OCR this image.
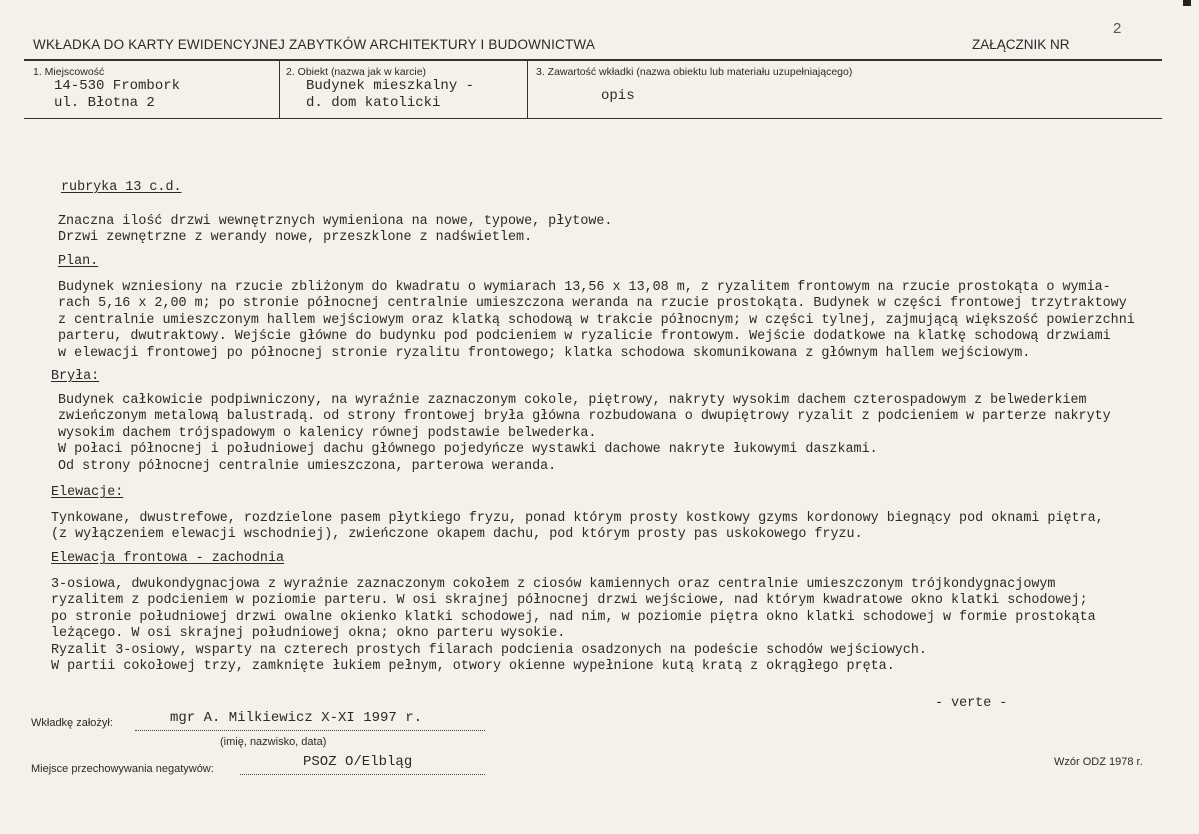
2
WKŁADKA DO KARTY EWIDENCYJNEJ ZABYTKÓW ARCHITEKTURY I BUDOWNICTWA	ZAŁĄCZNIK NR
1. Miejscowość
14-530 Frombork
ul. Błotna 2
2. Obiekt (nazwa jak w karcie)
Budynek mieszkalny -
d. dom katolicki
3. Zawartość wkładki (nazwa obiektu lub materiału uzupełniającego)
opis
rubryka 13 c.d.
Znaczna ilość drzwi wewnętrznych wymieniona na nowe, typowe, płytowe.
Drzwi zewnętrzne z werandy nowe, przeszklone z nadświetlem.
Plan.
Budynek wzniesiony na rzucie zbliżonym do kwadratu o wymiarach 13,56 x 13,08 m, z ryzalitem frontowym na rzucie prostokąta o wymia-
rach 5,16 x 2,00 m; po stronie północnej centralnie umieszczona weranda na rzucie prostokąta. Budynek w części frontowej trzytraktowy
z centralnie umieszczonym hallem wejściowym oraz klatką schodową w trakcie północnym; w części tylnej, zajmującą większość powierzchni
parteru, dwutraktowy. Wejście główne do budynku pod podcieniem w ryzalicie frontowym. Wejście dodatkowe na klatkę schodową drzwiami
w elewacji frontowej po północnej stronie ryzalitu frontowego; klatka schodowa skomunikowana z głównym hallem wejściowym.
Bryła:
Budynek całkowicie podpiwniczony, na wyraźnie zaznaczonym cokole, piętrowy, nakryty wysokim dachem czterospadowym z belwederkiem
zwieńczonym metalową balustradą. od strony frontowej bryła główna rozbudowana o dwupiętrowy ryzalit z podcieniem w parterze nakryty
wysokim dachem trójspadowym o kalenicy równej podstawie belwederka.
W połaci północnej i południowej dachu głównego pojedyńcze wystawki dachowe nakryte łukowymi daszkami.
Od strony północnej centralnie umieszczona, parterowa weranda.
Elewacje:
Tynkowane, dwustrefowe, rozdzielone pasem płytkiego fryzu, ponad którym prosty kostkowy gzyms kordonowy biegnący pod oknami piętra,
(z wyłączeniem elewacji wschodniej), zwieńczone okapem dachu, pod którym prosty pas uskokowego fryzu.
Elewacja frontowa - zachodnia
3-osiowa, dwukondygnacjowa z wyraźnie zaznaczonym cokołem z ciosów kamiennych oraz centralnie umieszczonym trójkondygnacjowym
ryzalitem z podcieniem w poziomie parteru. W osi skrajnej północnej drzwi wejściowe, nad którym kwadratowe okno klatki schodowej;
po stronie południowej drzwi owalne okienko klatki schodowej, nad nim, w poziomie piętra okno klatki schodowej w formie prostokąta
leżącego. W osi skrajnej południowej okna; okno parteru wysokie.
Ryzalit 3-osiowy, wsparty na czterech prostych filarach podcienia osadzonych na podeście schodów wejściowych.
W partii cokołowej trzy, zamknięte łukiem pełnym, otwory okienne wypełnione kutą kratą z okrągłego pręta.
- verte -
Wkładkę założył:	mgr A. Milkiewicz X-XI 1997 r.
(imię, nazwisko, data)
Miejsce przechowywania negatywów:	PSOZ O/Elbląg	Wzór ODZ 1978 r.
